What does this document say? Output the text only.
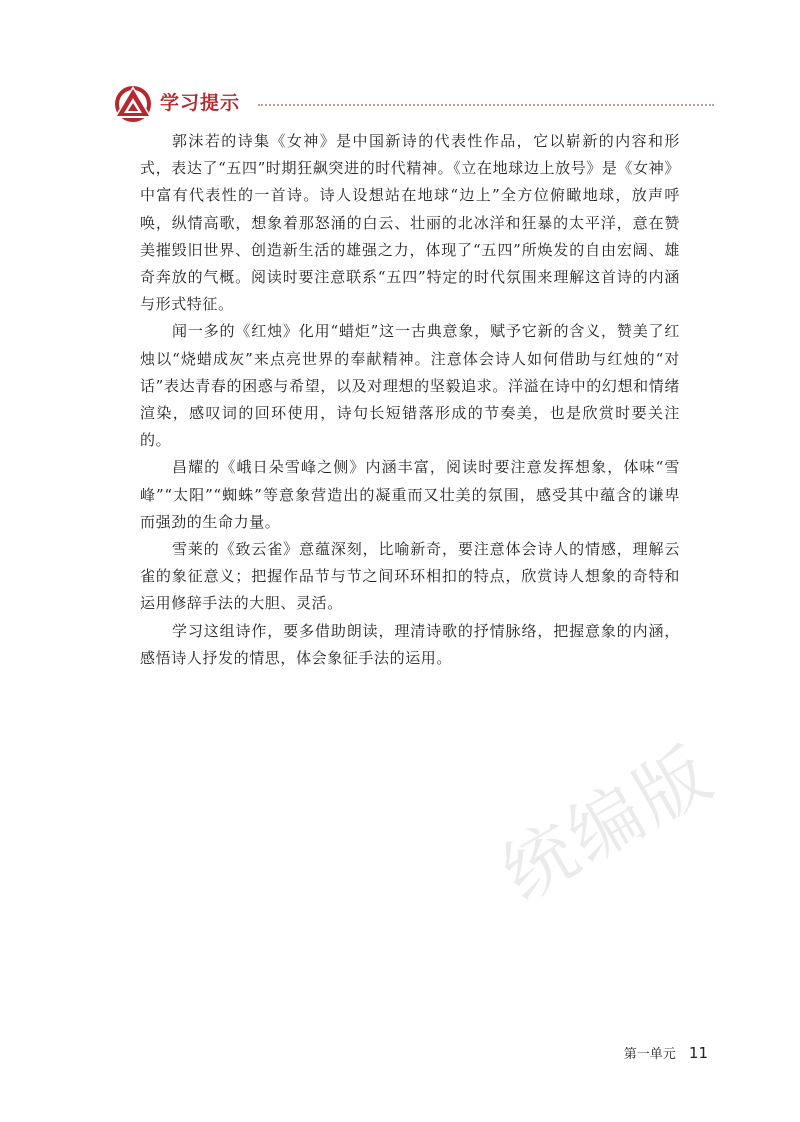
学习提示

郭沫若的诗集《女神》是中国新诗的代表性作品，它以崭新的内容和形式，表达了“五四”时期狂飙突进的时代精神。《立在地球边上放号》是《女神》中富有代表性的一首诗。诗人设想站在地球“边上”全方位俯瞰地球，放声呼唤，纵情高歌，想象着那怒涌的白云、壮丽的北冰洋和狂暴的太平洋，意在赞美摧毁旧世界、创造新生活的雄强之力，体现了“五四”所焕发的自由宏阔、雄奇奔放的气概。阅读时要注意联系“五四”特定的时代氛围来理解这首诗的内涵与形式特征。

闻一多的《红烛》化用“蜡炬”这一古典意象，赋予它新的含义，赞美了红烛以“烧蜡成灰”来点亮世界的奉献精神。注意体会诗人如何借助与红烛的“对话”表达青春的困惑与希望，以及对理想的坚毅追求。洋溢在诗中的幻想和情绪渲染，感叹词的回环使用，诗句长短错落形成的节奏美，也是欣赏时要关注的。

昌耀的《峨日朵雪峰之侧》内涵丰富，阅读时要注意发挥想象，体味“雪峰”“太阳”“蜘蛛”等意象营造出的凝重而又壮美的氛围，感受其中蕴含的谦卑而强劲的生命力量。

雪莱的《致云雀》意蕴深刻，比喻新奇，要注意体会诗人的情感，理解云雀的象征意义；把握作品节与节之间环环相扣的特点，欣赏诗人想象的奇特和运用修辞手法的大胆、灵活。

学习这组诗作，要多借助朗读，理清诗歌的抒情脉络，把握意象的内涵，感悟诗人抒发的情思，体会象征手法的运用。

统编版
第一单元 11
